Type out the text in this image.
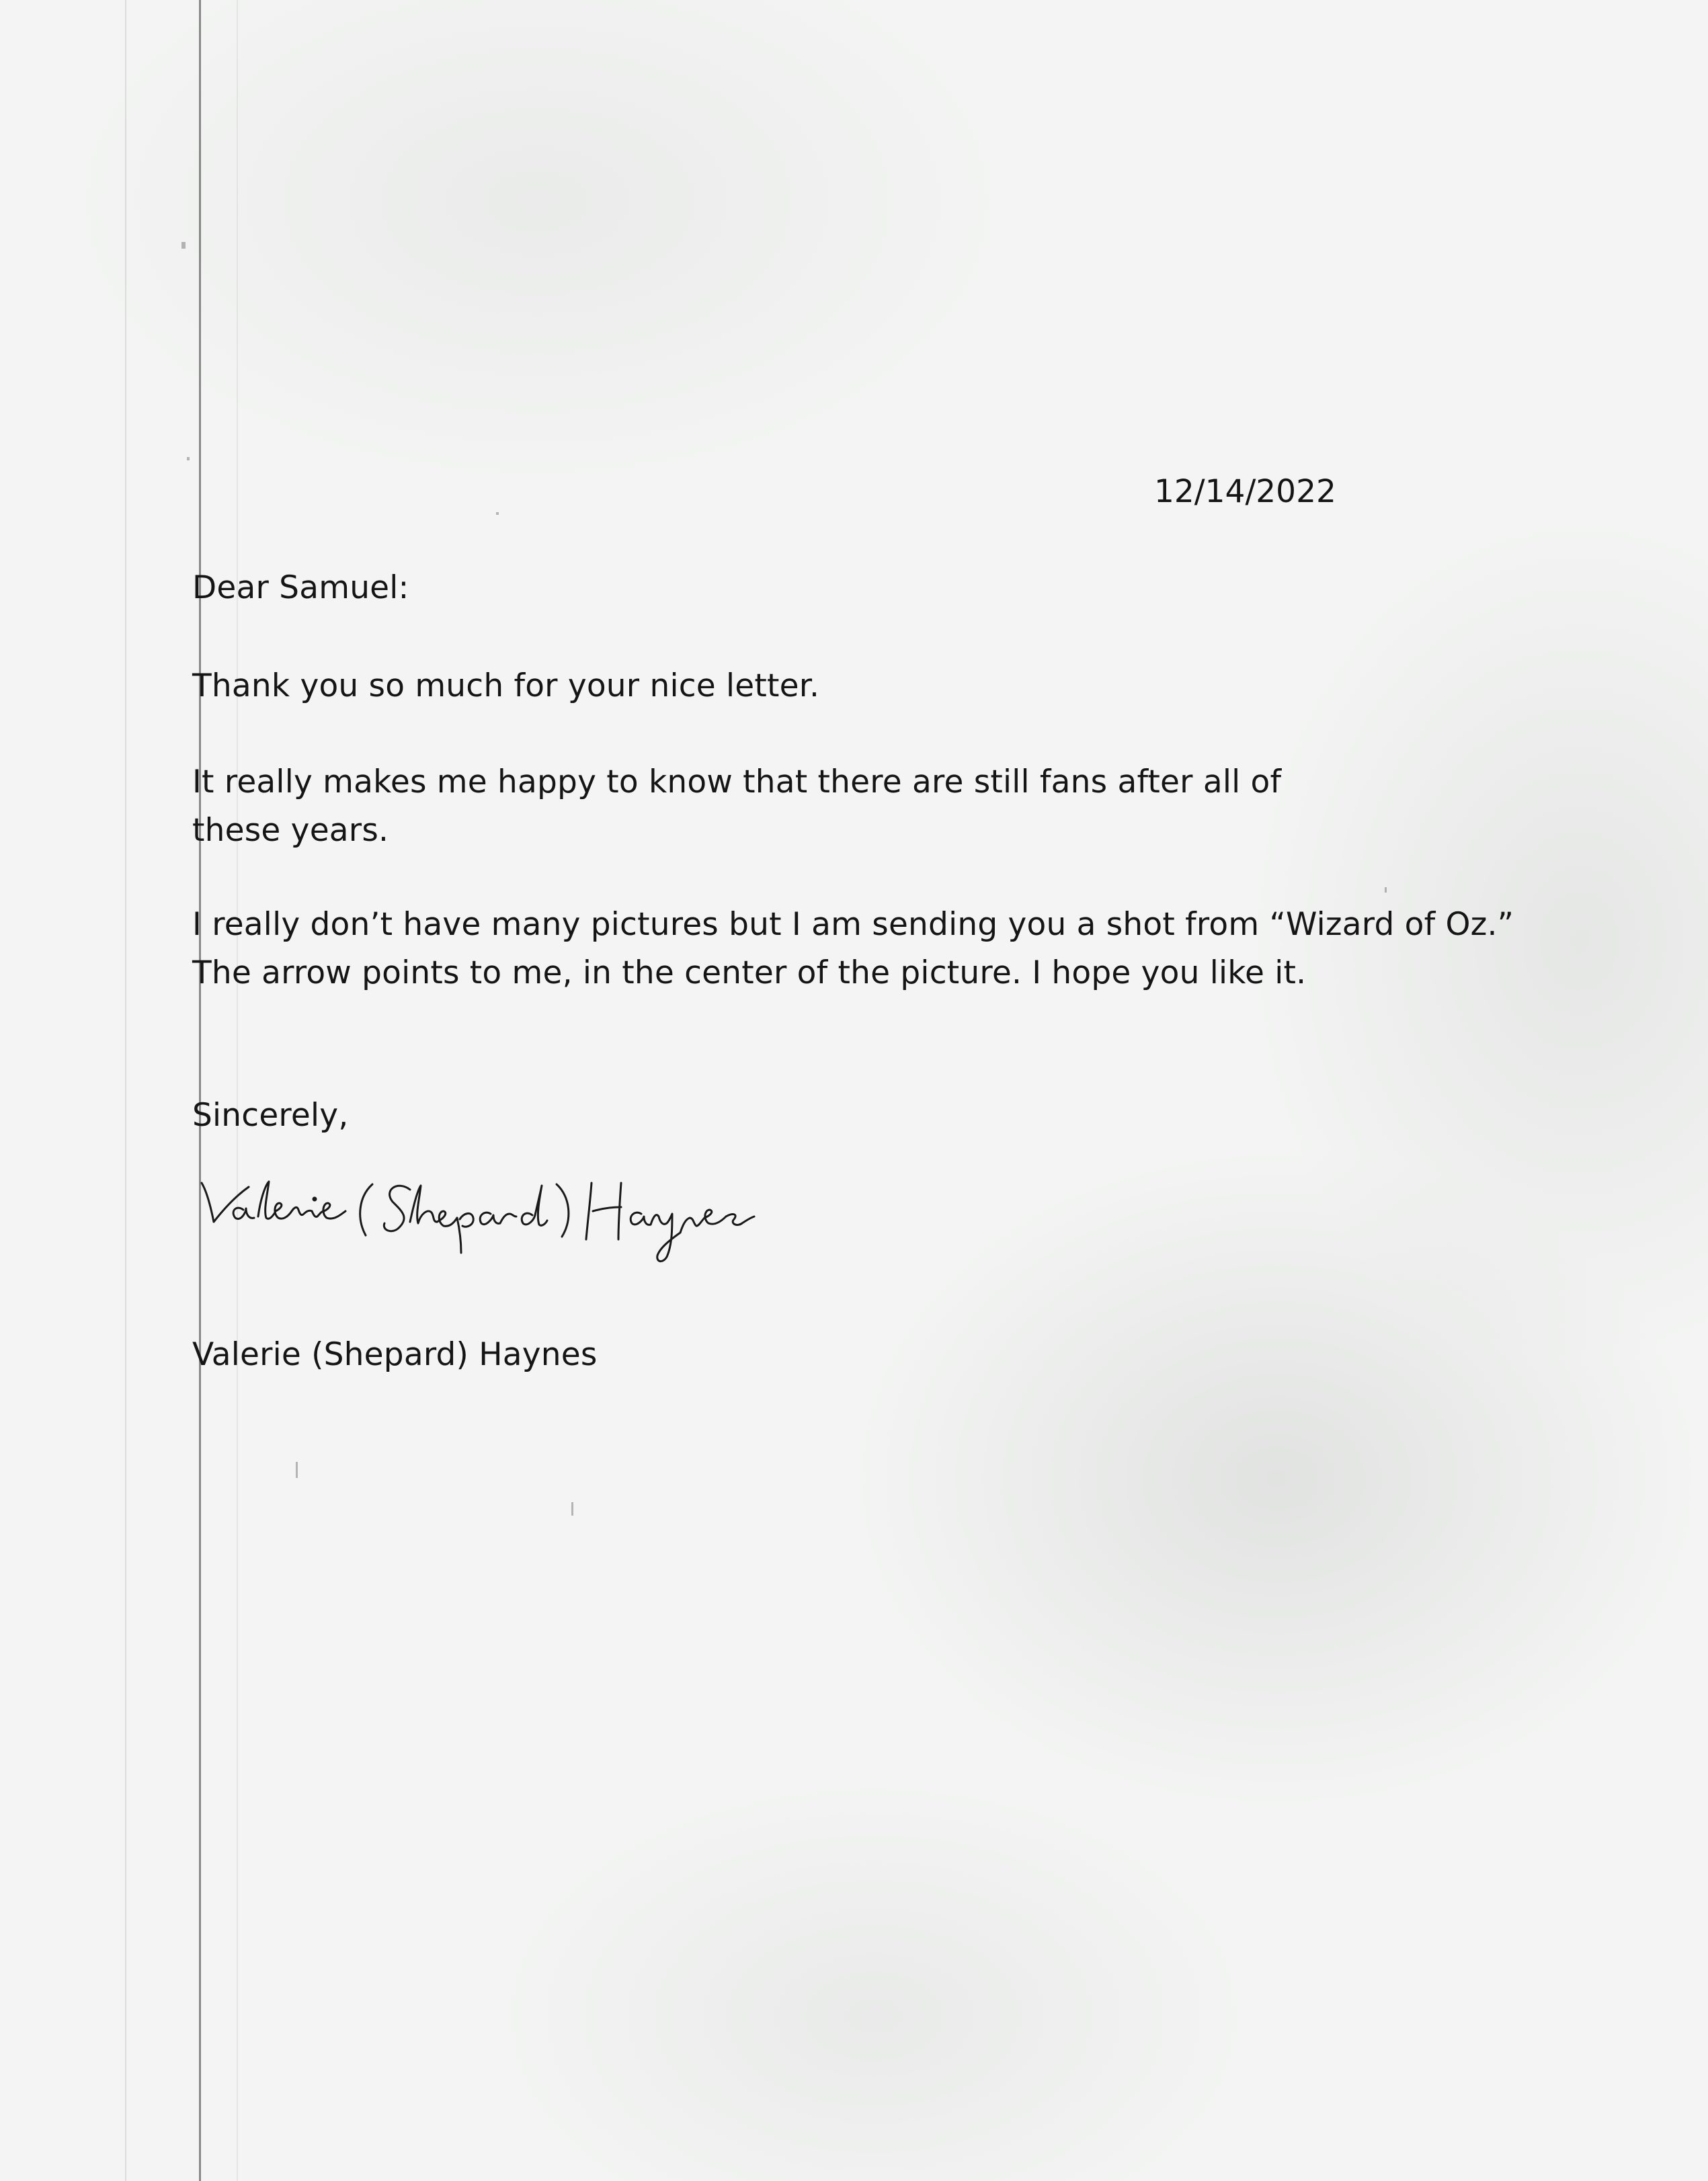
12/14/2022
Dear Samuel:
Thank you so much for your nice letter.
It really makes me happy to know that there are still fans after all of
these years.
I really don’t have many pictures but I am sending you a shot from “Wizard of Oz.”
The arrow points to me, in the center of the picture. I hope you like it.
Sincerely,
Valerie (Shepard) Haynes
